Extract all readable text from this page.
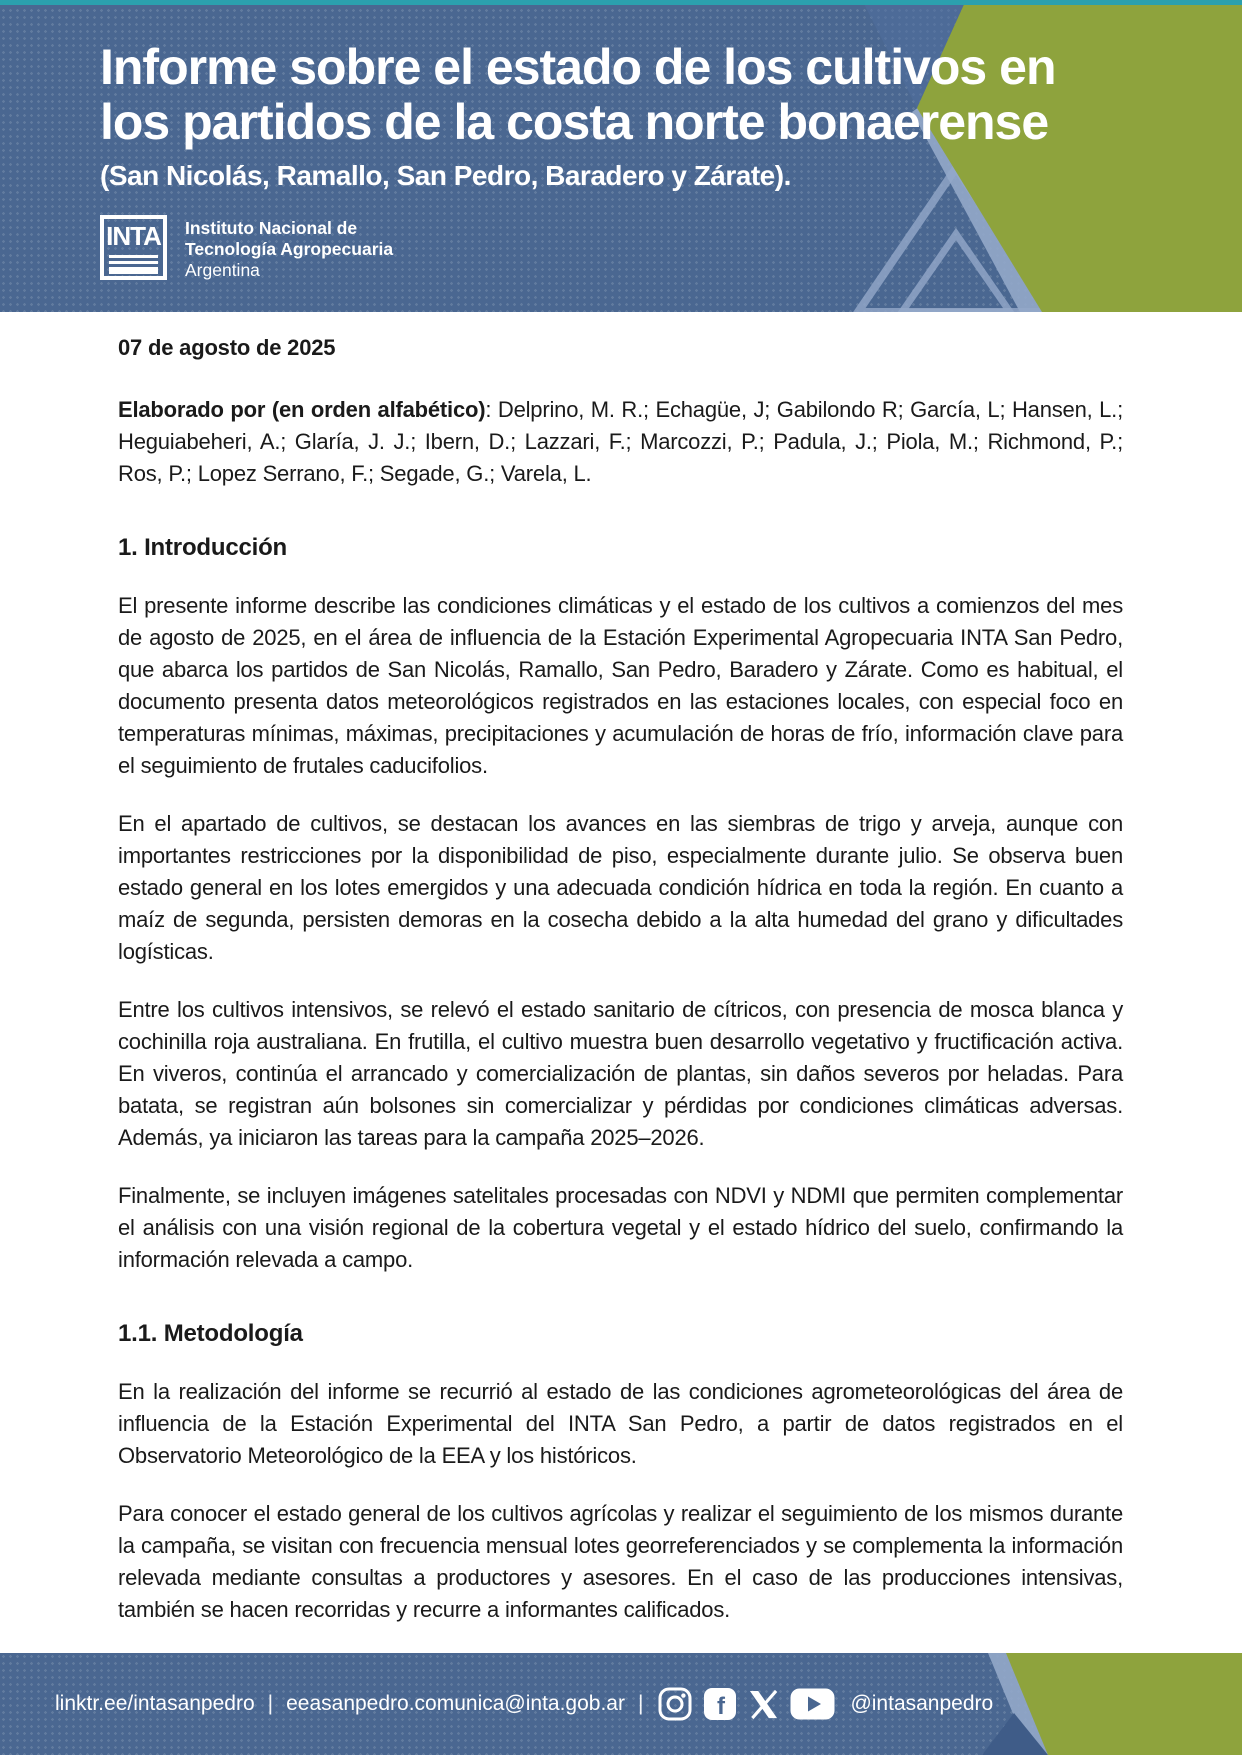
Informe sobre el estado de los cultivos en
los partidos de la costa norte bonaerense
(San Nicolás, Ramallo, San Pedro, Baradero y Zárate).
INTA Instituto Nacional de
Tecnología Agropecuaria
Argentina

07 de agosto de 2025

Elaborado por (en orden alfabético): Delprino, M. R.; Echagüe, J; Gabilondo R; García, L; Hansen, L.; Heguiabeheri, A.; Glaría, J. J.; Ibern, D.; Lazzari, F.; Marcozzi, P.; Padula, J.; Piola, M.; Richmond, P.; Ros, P.; Lopez Serrano, F.; Segade, G.; Varela, L.

1. Introducción

El presente informe describe las condiciones climáticas y el estado de los cultivos a comienzos del mes de agosto de 2025, en el área de influencia de la Estación Experimental Agropecuaria INTA San Pedro, que abarca los partidos de San Nicolás, Ramallo, San Pedro, Baradero y Zárate. Como es habitual, el documento presenta datos meteorológicos registrados en las estaciones locales, con especial foco en temperaturas mínimas, máximas, precipitaciones y acumulación de horas de frío, información clave para el seguimiento de frutales caducifolios.

En el apartado de cultivos, se destacan los avances en las siembras de trigo y arveja, aunque con importantes restricciones por la disponibilidad de piso, especialmente durante julio. Se observa buen estado general en los lotes emergidos y una adecuada condición hídrica en toda la región. En cuanto a maíz de segunda, persisten demoras en la cosecha debido a la alta humedad del grano y dificultades logísticas.

Entre los cultivos intensivos, se relevó el estado sanitario de cítricos, con presencia de mosca blanca y cochinilla roja australiana. En frutilla, el cultivo muestra buen desarrollo vegetativo y fructificación activa. En viveros, continúa el arrancado y comercialización de plantas, sin daños severos por heladas. Para batata, se registran aún bolsones sin comercializar y pérdidas por condiciones climáticas adversas. Además, ya iniciaron las tareas para la campaña 2025–2026.

Finalmente, se incluyen imágenes satelitales procesadas con NDVI y NDMI que permiten complementar el análisis con una visión regional de la cobertura vegetal y el estado hídrico del suelo, confirmando la información relevada a campo.

1.1. Metodología

En la realización del informe se recurrió al estado de las condiciones agrometeorológicas del área de influencia de la Estación Experimental del INTA San Pedro, a partir de datos registrados en el Observatorio Meteorológico de la EEA y los históricos.

Para conocer el estado general de los cultivos agrícolas y realizar el seguimiento de los mismos durante la campaña, se visitan con frecuencia mensual lotes georreferenciados y se complementa la información relevada mediante consultas a productores y asesores. En el caso de las producciones intensivas, también se hacen recorridas y recurre a informantes calificados.

linktr.ee/intasanpedro | eeasanpedro.comunica@inta.gob.ar |	f	@intasanpedro
